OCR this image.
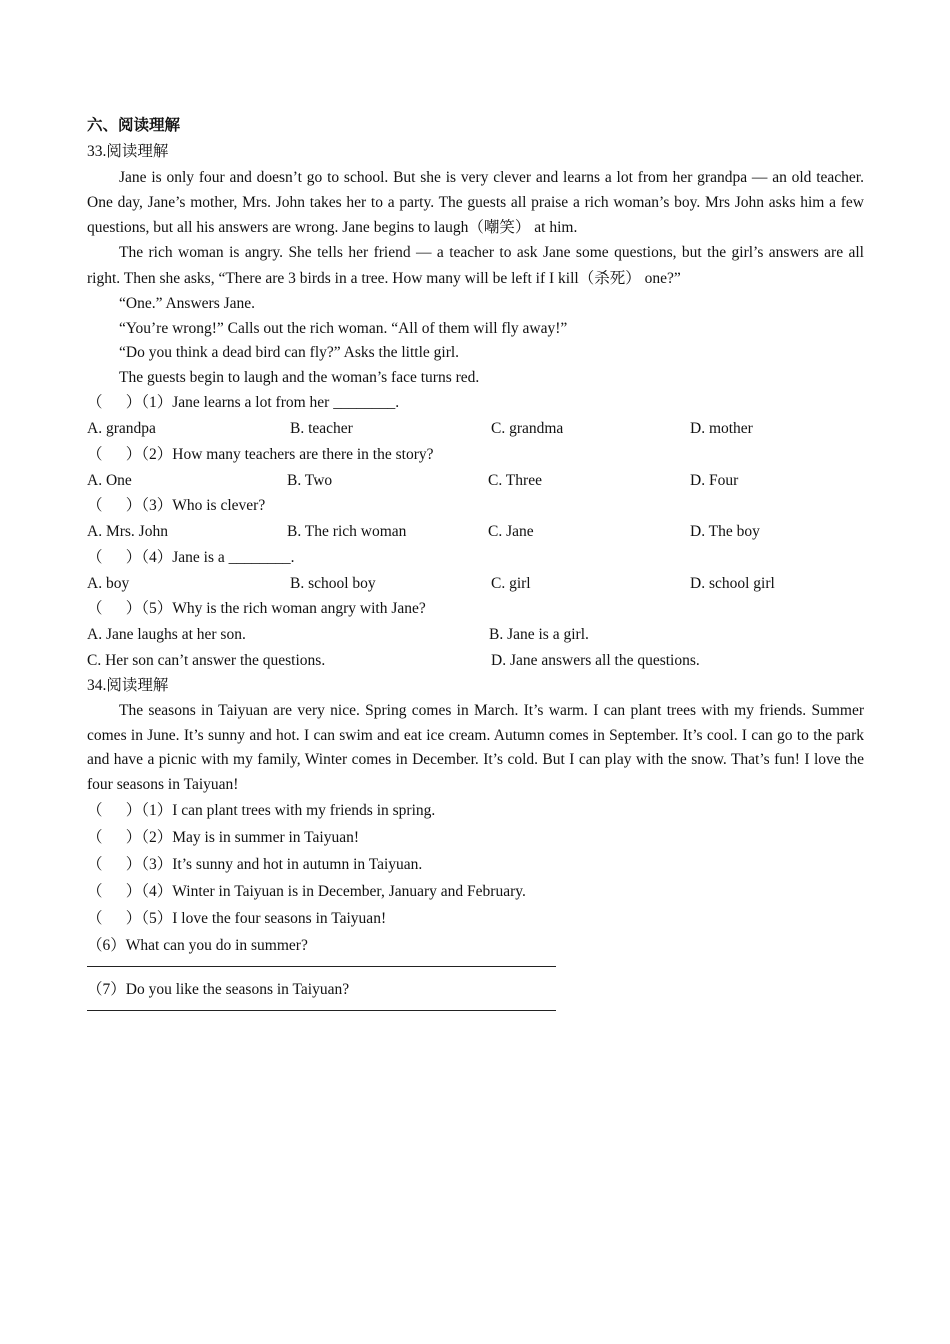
六、阅读理解
33.阅读理解

Jane is only four and doesn’t go to school. But she is very clever and learns a lot from her grandpa — an old teacher. One day, Jane’s mother, Mrs. John takes her to a party. The guests all praise a rich woman’s boy. Mrs John asks him a few questions, but all his answers are wrong. Jane begins to laugh（嘲笑） at him.

The rich woman is angry. She tells her friend — a teacher to ask Jane some questions, but the girl’s answers are all right. Then she asks, “There are 3 birds in a tree. How many will be left if I kill（杀死） one?”

“One.” Answers Jane.
“You’re wrong!” Calls out the rich woman. “All of them will fly away!”
“Do you think a dead bird can fly?” Asks the little girl.
The guests begin to laugh and the woman’s face turns red.
（      ）（1）Jane learns a lot from her ________.
A. grandpa	B. teacher	C. grandma	D. mother
（      ）（2）How many teachers are there in the story?
A. One	B. Two	C. Three	D. Four
（      ）（3）Who is clever?
A. Mrs. John	B. The rich woman	C. Jane	D. The boy
（      ）（4）Jane is a ________.
A. boy	B. school boy	C. girl	D. school girl
（      ）（5）Why is the rich woman angry with Jane?
A. Jane laughs at her son.	B. Jane is a girl.
C. Her son can’t answer the questions.	D. Jane answers all the questions.
34.阅读理解

The seasons in Taiyuan are very nice. Spring comes in March. It’s warm. I can plant trees with my friends. Summer comes in June. It’s sunny and hot. I can swim and eat ice cream. Autumn comes in September. It’s cool. I can go to the park and have a picnic with my family, Winter comes in December. It’s cold. But I can play with the snow. That’s fun! I love the four seasons in Taiyuan!

（      ）（1）I can plant trees with my friends in spring.
（      ）（2）May is in summer in Taiyuan!
（      ）（3）It’s sunny and hot in autumn in Taiyuan.
（      ）（4）Winter in Taiyuan is in December, January and February.
（      ）（5）I love the four seasons in Taiyuan!
（6）What can you do in summer?
（7）Do you like the seasons in Taiyuan?
